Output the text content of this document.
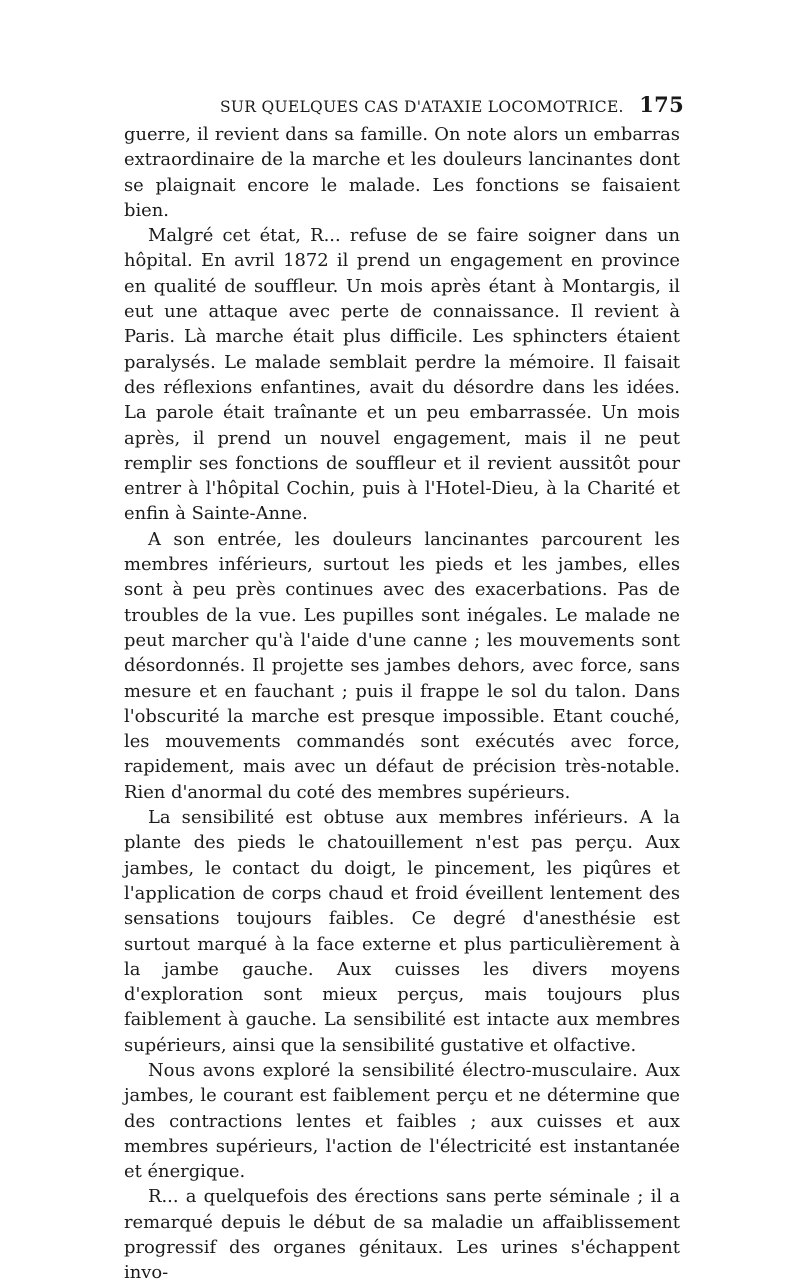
SUR QUELQUES CAS D'ATAXIE LOCOMOTRICE. 175

guerre, il revient dans sa famille. On note alors un embarras extraordinaire de la marche et les douleurs lancinantes dont se plaignait encore le malade. Les fonctions se faisaient bien.

Malgré cet état, R... refuse de se faire soigner dans un hôpital. En avril 1872 il prend un engagement en province en qualité de souffleur. Un mois après étant à Montargis, il eut une attaque avec perte de connaissance. Il revient à Paris. Là marche était plus difficile. Les sphincters étaient paralysés. Le malade semblait perdre la mémoire. Il faisait des réflexions enfantines, avait du désordre dans les idées. La parole était traînante et un peu embarrassée. Un mois après, il prend un nouvel engagement, mais il ne peut remplir ses fonctions de souffleur et il revient aussitôt pour entrer à l'hôpital Cochin, puis à l'Hotel-Dieu, à la Charité et enfin à Sainte-Anne.

A son entrée, les douleurs lancinantes parcourent les membres inférieurs, surtout les pieds et les jambes, elles sont à peu près continues avec des exacerbations. Pas de troubles de la vue. Les pupilles sont inégales. Le malade ne peut marcher qu'à l'aide d'une canne ; les mouvements sont désordonnés. Il projette ses jambes dehors, avec force, sans mesure et en fauchant ; puis il frappe le sol du talon. Dans l'obscurité la marche est presque impossible. Etant couché, les mouvements commandés sont exécutés avec force, rapidement, mais avec un défaut de précision très-notable. Rien d'anormal du coté des membres supérieurs.

La sensibilité est obtuse aux membres inférieurs. A la plante des pieds le chatouillement n'est pas perçu. Aux jambes, le contact du doigt, le pincement, les piqûres et l'application de corps chaud et froid éveillent lentement des sensations toujours faibles. Ce degré d'anesthésie est surtout marqué à la face externe et plus particulièrement à la jambe gauche. Aux cuisses les divers moyens d'exploration sont mieux perçus, mais toujours plus faiblement à gauche. La sensibilité est intacte aux membres supérieurs, ainsi que la sensibilité gustative et olfactive.

Nous avons exploré la sensibilité électro-musculaire. Aux jambes, le courant est faiblement perçu et ne détermine que des contractions lentes et faibles ; aux cuisses et aux membres supérieurs, l'action de l'électricité est instantanée et énergique.

R... a quelquefois des érections sans perte séminale ; il a remarqué depuis le début de sa maladie un affaiblissement progressif des organes génitaux. Les urines s'échappent invo-
